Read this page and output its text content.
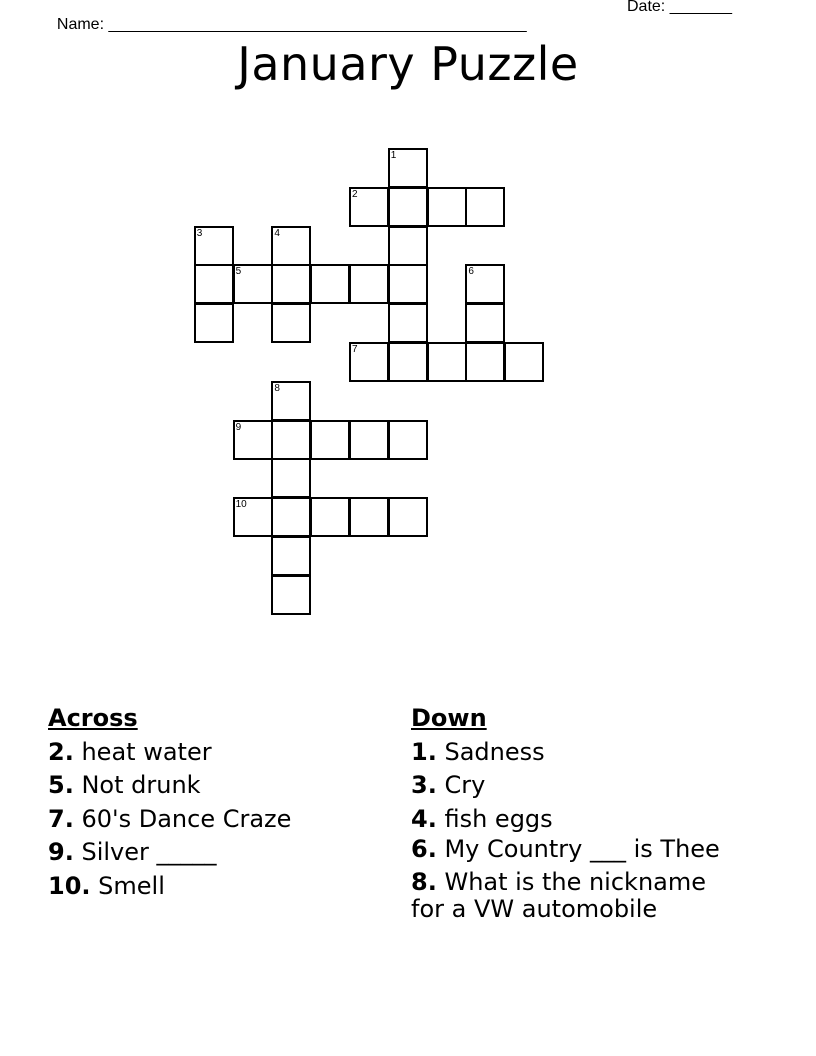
Name: _______________________________________________

Date: _______

January Puzzle
1
2
3	4
5	6
7
8
9
10
Across
2. heat water
5. Not drunk
7. 60's Dance Craze
9. Silver _____
10. Smell
Down
1. Sadness
3. Cry
4. fish eggs
6. My Country ___ is Thee
8. What is the nickname for a VW automobile
